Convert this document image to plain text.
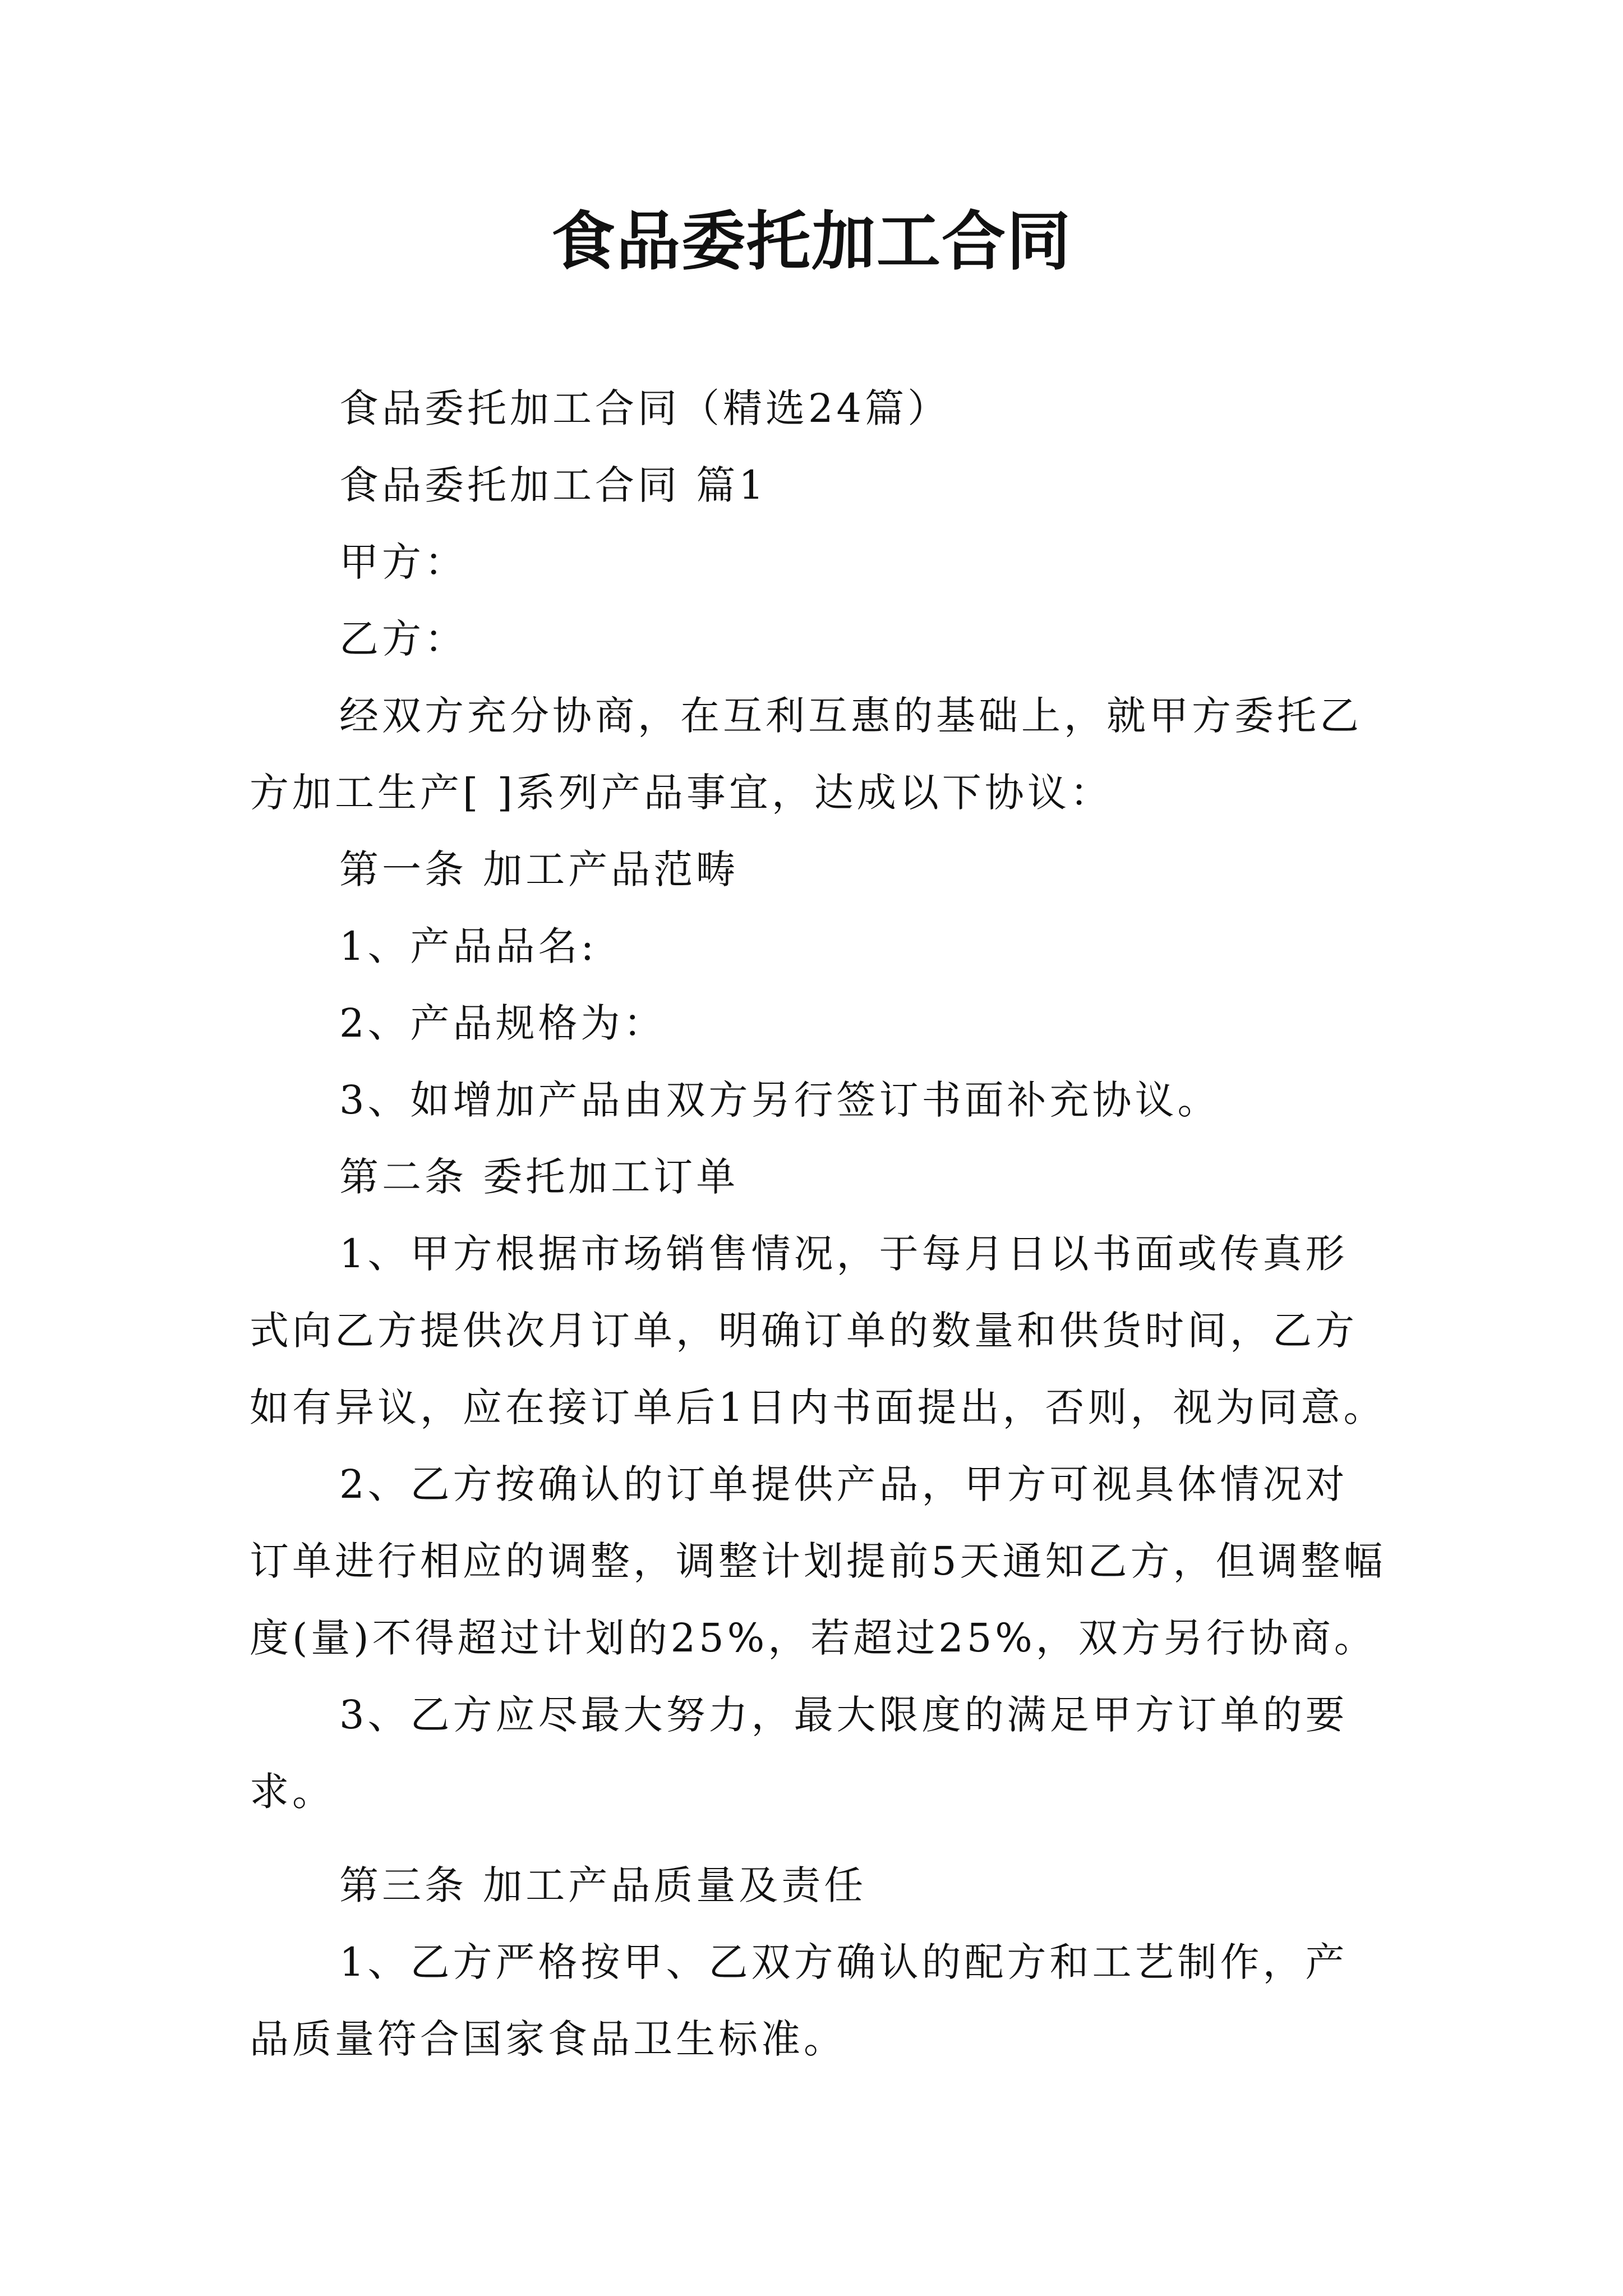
食品委托加工合同

食品委托加工合同（精选24篇）

食品委托加工合同 篇1

甲方：

乙方：

经双方充分协商，在互利互惠的基础上，就甲方委托乙方加工生产[ ]系列产品事宜，达成以下协议：

第一条 加工产品范畴

1、产品品名:

2、产品规格为：

3、如增加产品由双方另行签订书面补充协议。

第二条 委托加工订单

1、甲方根据市场销售情况，于每月日以书面或传真形式向乙方提供次月订单，明确订单的数量和供货时间，乙方如有异议，应在接订单后1日内书面提出，否则，视为同意。

2、乙方按确认的订单提供产品，甲方可视具体情况对订单进行相应的调整，调整计划提前5天通知乙方，但调整幅度(量)不得超过计划的25%，若超过25%，双方另行协商。

3、乙方应尽最大努力，最大限度的满足甲方订单的要求。

第三条 加工产品质量及责任

1、乙方严格按甲、乙双方确认的配方和工艺制作，产品质量符合国家食品卫生标准。
